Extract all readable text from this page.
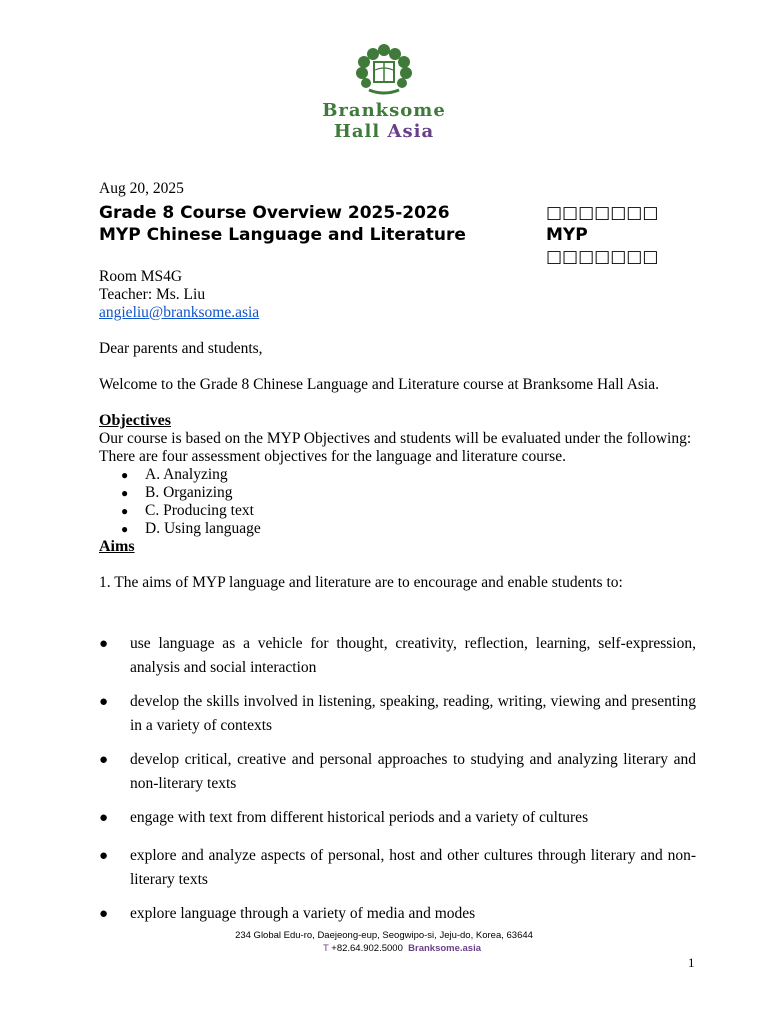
Branksome
Hall Asia
Aug 20, 2025
Grade 8 Course Overview 2025-2026	□□□□□□□
MYP Chinese Language and Literature	MYP □□□□□□□
Room MS4G
Teacher: Ms. Liu
angieliu@branksome.asia
Dear parents and students,
Welcome to the Grade 8 Chinese Language and Literature course at Branksome Hall Asia.
Objectives
Our course is based on the MYP Objectives and students will be evaluated under the following:
There are four assessment objectives for the language and literature course.
● A. Analyzing
● B. Organizing
● C. Producing text
● D. Using language
Aims
1. The aims of MYP language and literature are to encourage and enable students to:
● use language as a vehicle for thought, creativity, reflection, learning, self-expression, analysis and social interaction
● develop the skills involved in listening, speaking, reading, writing, viewing and presenting in a variety of contexts
● develop critical, creative and personal approaches to studying and analyzing literary and non-literary texts
● engage with text from different historical periods and a variety of cultures
● explore and analyze aspects of personal, host and other cultures through literary and non-literary texts
● explore language through a variety of media and modes
234 Global Edu-ro, Daejeong-eup, Seogwipo-si, Jeju-do, Korea, 63644
T +82.64.902.5000 Branksome.asia
1
